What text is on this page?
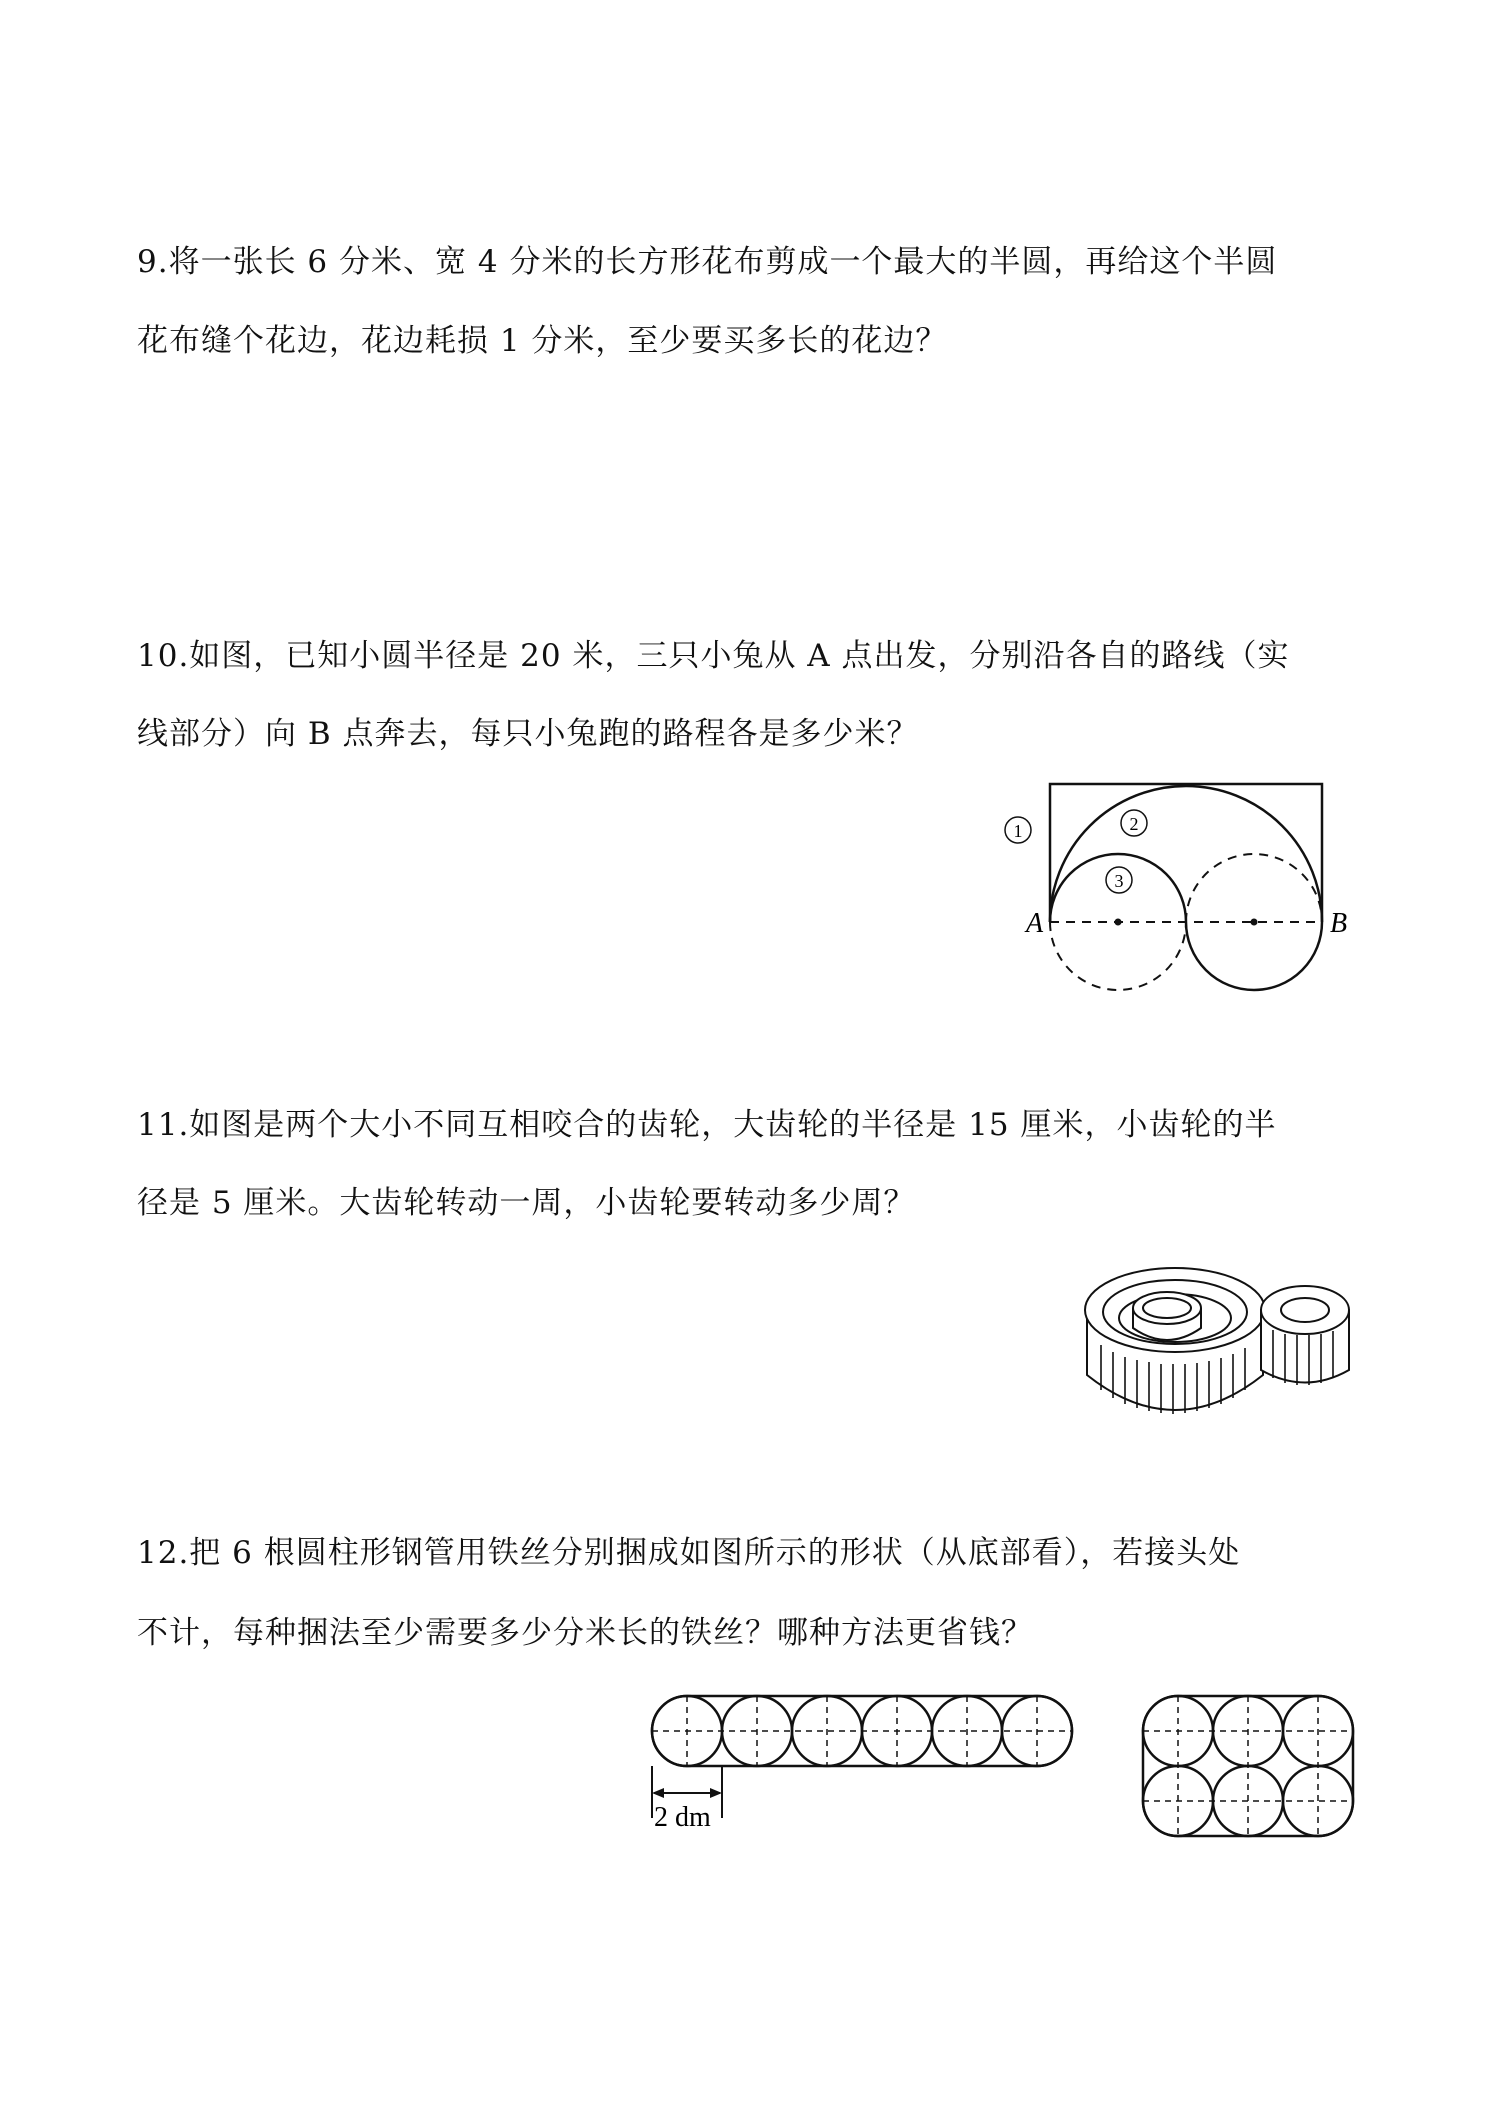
9.将一张长 6 分米、宽 4 分米的长方形花布剪成一个最大的半圆，再给这个半圆
花布缝个花边，花边耗损 1 分米，至少要买多长的花边？
10.如图，已知小圆半径是 20 米，三只小兔从 A 点出发，分别沿各自的路线（实
线部分）向 B 点奔去，每只小兔跑的路程各是多少米？
1	2
3
A	B
11.如图是两个大小不同互相咬合的齿轮，大齿轮的半径是 15 厘米，小齿轮的半
径是 5 厘米。大齿轮转动一周，小齿轮要转动多少周？
12.把 6 根圆柱形钢管用铁丝分别捆成如图所示的形状（从底部看），若接头处
不计，每种捆法至少需要多少分米长的铁丝？哪种方法更省钱？
2 dm
